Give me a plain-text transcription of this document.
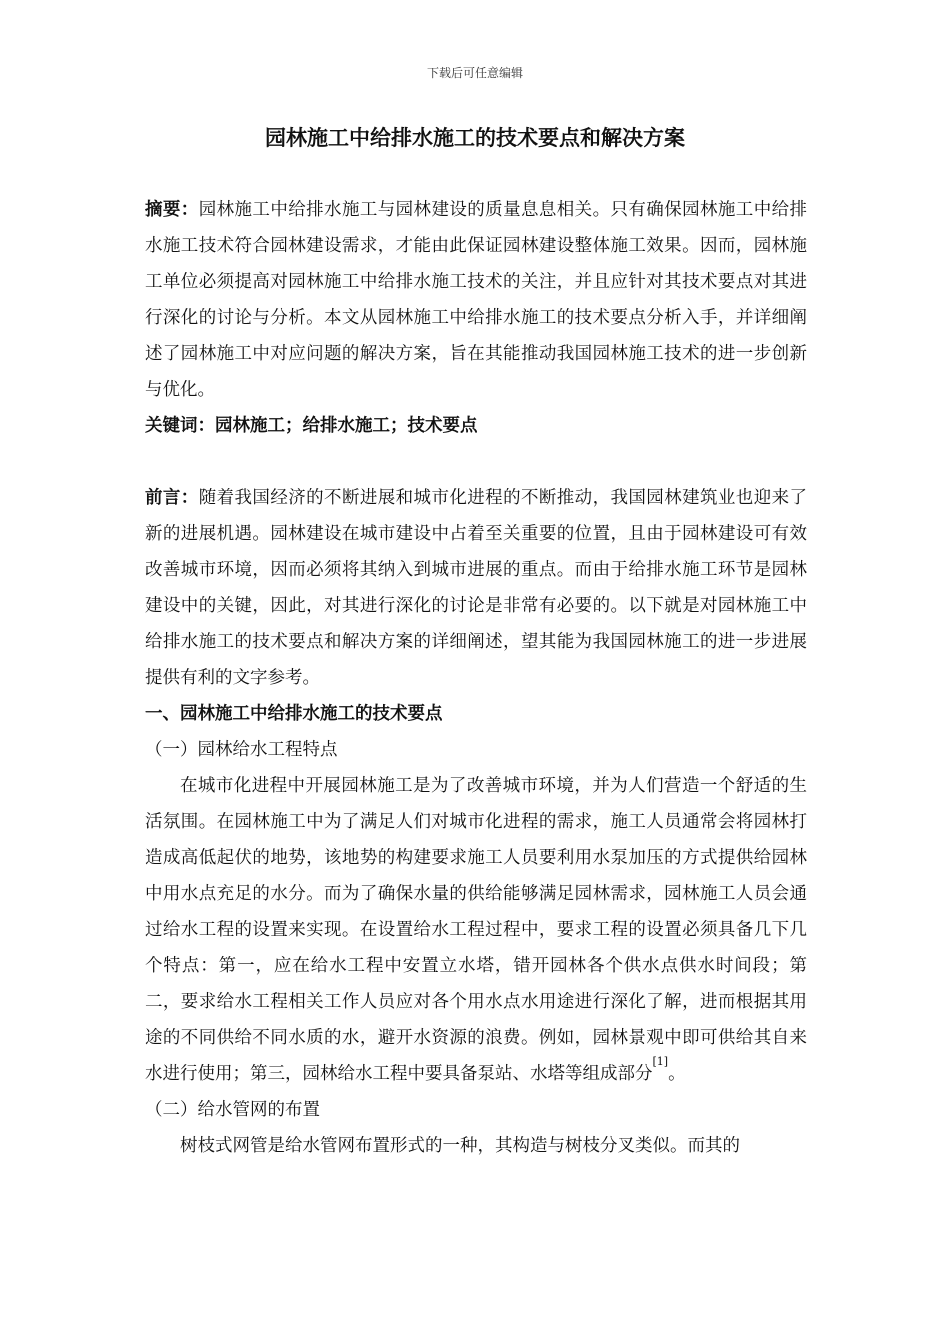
下载后可任意编辑
园林施工中给排水施工的技术要点和解决方案

摘要：园林施工中给排水施工与园林建设的质量息息相关。只有确保园林施工中给排水施工技术符合园林建设需求，才能由此保证园林建设整体施工效果。因而，园林施工单位必须提高对园林施工中给排水施工技术的关注，并且应针对其技术要点对其进行深化的讨论与分析。本文从园林施工中给排水施工的技术要点分析入手，并详细阐述了园林施工中对应问题的解决方案，旨在其能推动我国园林施工技术的进一步创新与优化。

关键词：园林施工；给排水施工；技术要点

前言：随着我国经济的不断进展和城市化进程的不断推动，我国园林建筑业也迎来了新的进展机遇。园林建设在城市建设中占着至关重要的位置，且由于园林建设可有效改善城市环境，因而必须将其纳入到城市进展的重点。而由于给排水施工环节是园林建设中的关键，因此，对其进行深化的讨论是非常有必要的。以下就是对园林施工中给排水施工的技术要点和解决方案的详细阐述，望其能为我国园林施工的进一步进展提供有利的文字参考。

一、园林施工中给排水施工的技术要点

（一）园林给水工程特点

在城市化进程中开展园林施工是为了改善城市环境，并为人们营造一个舒适的生活氛围。在园林施工中为了满足人们对城市化进程的需求，施工人员通常会将园林打造成高低起伏的地势，该地势的构建要求施工人员要利用水泵加压的方式提供给园林中用水点充足的水分。而为了确保水量的供给能够满足园林需求，园林施工人员会通过给水工程的设置来实现。在设置给水工程过程中，要求工程的设置必须具备几下几个特点：第一，应在给水工程中安置立水塔，错开园林各个供水点供水时间段；第二，要求给水工程相关工作人员应对各个用水点水用途进行深化了解，进而根据其用途的不同供给不同水质的水，避开水资源的浪费。例如，园林景观中即可供给其自来水进行使用；第三，园林给水工程中要具备泵站、水塔等组成部分[1]。

（二）给水管网的布置

树枝式网管是给水管网布置形式的一种，其构造与树枝分叉类似。而其的
